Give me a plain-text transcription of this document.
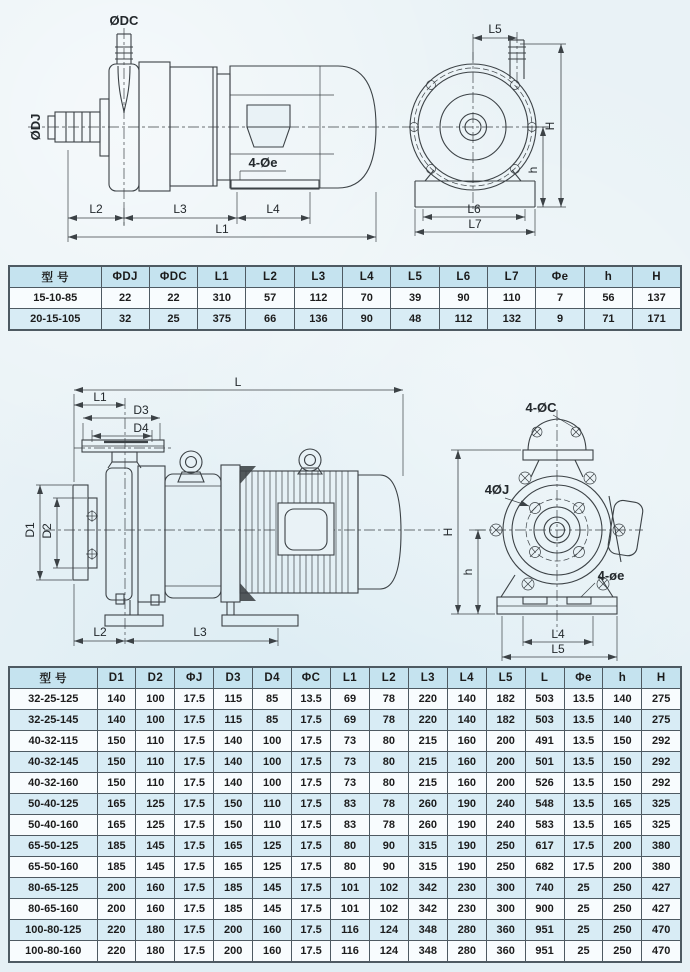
ØDC
ØDJ
4-Øe
L2	L3	L4
L1
L5
H
h
L6
L7
型 号	ΦDJ	ΦDC	L1	L2	L3	L4	L5	L6	L7	Φe	h	H
15-10-85	22	22	310	57	112	70	39	90	110	7	56	137
20-15-105	32	25	375	66	136	90	48	112	132	9	71	171
L
L1
D3
D4
D1 D2
L2	L3
4-ØC
4ØJ
4-øe
H
h
L4
L5
型 号	D1	D2	ΦJ	D3	D4	ΦC	L1	L2	L3	L4	L5	L	Φe	h	H
32-25-125	140	100	17.5	115	85	13.5	69	78	220	140	182	503	13.5	140	275
32-25-145	140	100	17.5	115	85	17.5	69	78	220	140	182	503	13.5	140	275
40-32-115	150	110	17.5	140	100	17.5	73	80	215	160	200	491	13.5	150	292
40-32-145	150	110	17.5	140	100	17.5	73	80	215	160	200	501	13.5	150	292
40-32-160	150	110	17.5	140	100	17.5	73	80	215	160	200	526	13.5	150	292
50-40-125	165	125	17.5	150	110	17.5	83	78	260	190	240	548	13.5	165	325
50-40-160	165	125	17.5	150	110	17.5	83	78	260	190	240	583	13.5	165	325
65-50-125	185	145	17.5	165	125	17.5	80	90	315	190	250	617	17.5	200	380
65-50-160	185	145	17.5	165	125	17.5	80	90	315	190	250	682	17.5	200	380
80-65-125	200	160	17.5	185	145	17.5	101	102	342	230	300	740	25	250	427
80-65-160	200	160	17.5	185	145	17.5	101	102	342	230	300	900	25	250	427
100-80-125	220	180	17.5	200	160	17.5	116	124	348	280	360	951	25	250	470
100-80-160	220	180	17.5	200	160	17.5	116	124	348	280	360	951	25	250	470
